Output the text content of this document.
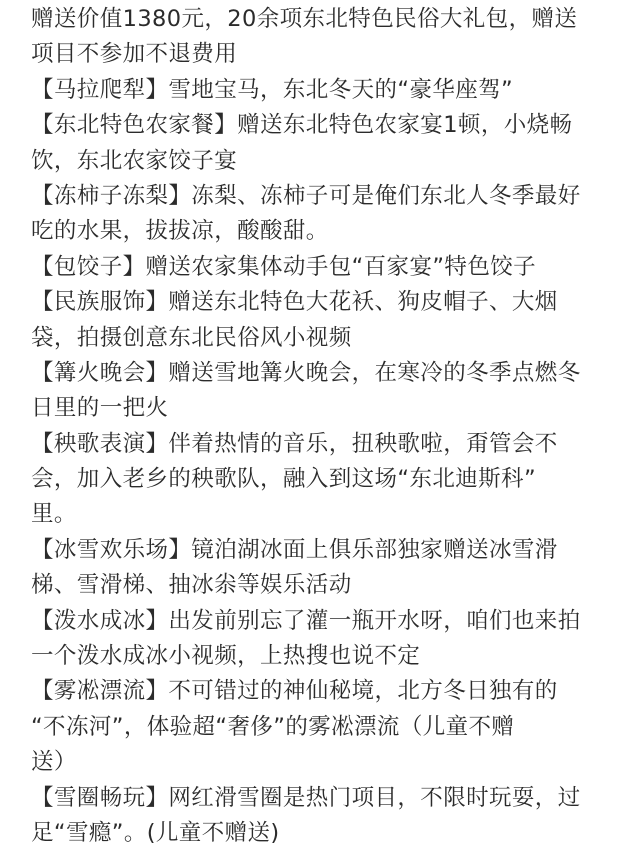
赠送价值1380元，20余项东北特色民俗大礼包，赠送
项目不参加不退费用
【马拉爬犁】雪地宝马，东北冬天的“豪华座驾”
【东北特色农家餐】赠送东北特色农家宴1顿，小烧畅
饮，东北农家饺子宴
【冻柿子冻梨】冻梨、冻柿子可是俺们东北人冬季最好
吃的水果，拔拔凉，酸酸甜。
【包饺子】赠送农家集体动手包“百家宴”特色饺子
【民族服饰】赠送东北特色大花袄、狗皮帽子、大烟
袋，拍摄创意东北民俗风小视频
【篝火晚会】赠送雪地篝火晚会，在寒冷的冬季点燃冬
日里的一把火
【秧歌表演】伴着热情的音乐，扭秧歌啦，甭管会不
会，加入老乡的秧歌队，融入到这场“东北迪斯科”
里。
【冰雪欢乐场】镜泊湖冰面上俱乐部独家赠送冰雪滑
梯、雪滑梯、抽冰尜等娱乐活动
【泼水成冰】出发前别忘了灌一瓶开水呀，咱们也来拍
一个泼水成冰小视频，上热搜也说不定
【雾凇漂流】不可错过的神仙秘境，北方冬日独有的
“不冻河”，体验超“奢侈”的雾凇漂流（儿童不赠
送）
【雪圈畅玩】网红滑雪圈是热门项目，不限时玩耍，过
足“雪瘾”。(儿童不赠送)
